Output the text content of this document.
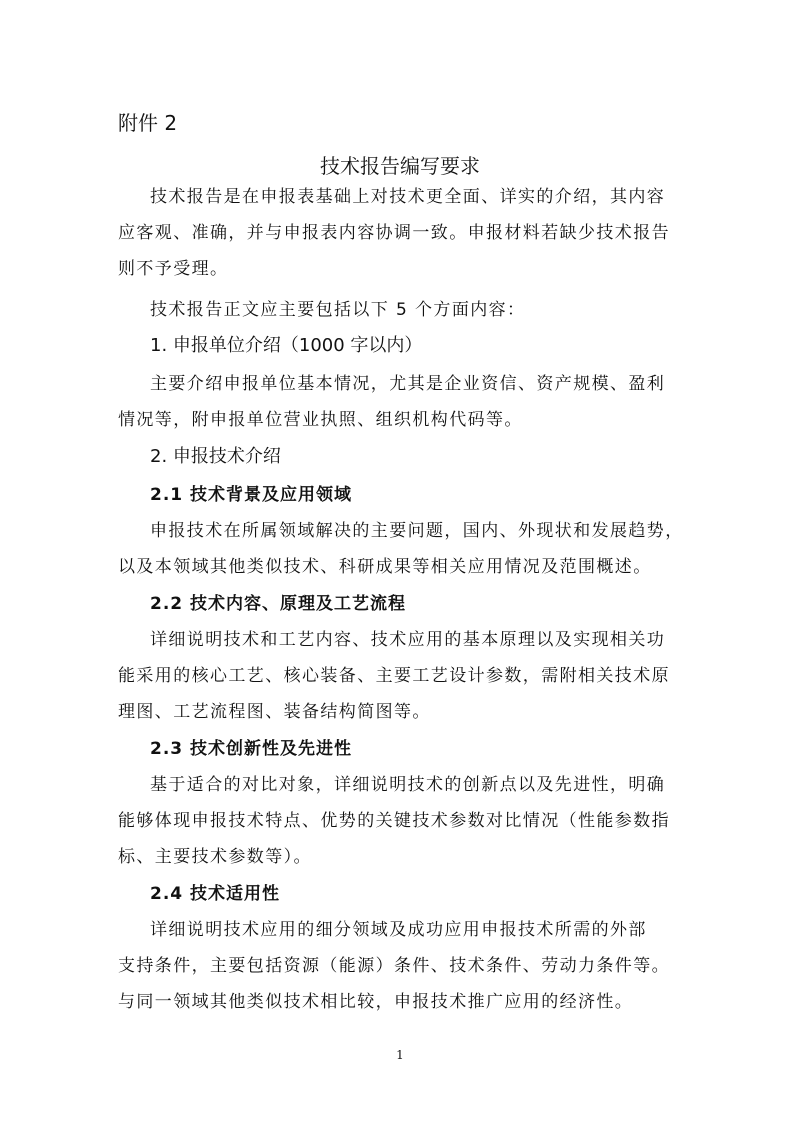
附件 2
技术报告编写要求
技术报告是在申报表基础上对技术更全面、详实的介绍，其内容
应客观、准确，并与申报表内容协调一致。申报材料若缺少技术报告
则不予受理。
技术报告正文应主要包括以下 5 个方面内容：
1. 申报单位介绍（1000 字以内）
主要介绍申报单位基本情况，尤其是企业资信、资产规模、盈利
情况等，附申报单位营业执照、组织机构代码等。
2. 申报技术介绍
2.1 技术背景及应用领域
申报技术在所属领域解决的主要问题，国内、外现状和发展趋势，
以及本领域其他类似技术、科研成果等相关应用情况及范围概述。
2.2 技术内容、原理及工艺流程
详细说明技术和工艺内容、技术应用的基本原理以及实现相关功
能采用的核心工艺、核心装备、主要工艺设计参数，需附相关技术原
理图、工艺流程图、装备结构简图等。
2.3 技术创新性及先进性
基于适合的对比对象，详细说明技术的创新点以及先进性，明确
能够体现申报技术特点、优势的关键技术参数对比情况（性能参数指
标、主要技术参数等）。
2.4 技术适用性
详细说明技术应用的细分领域及成功应用申报技术所需的外部
支持条件，主要包括资源（能源）条件、技术条件、劳动力条件等。
与同一领域其他类似技术相比较，申报技术推广应用的经济性。
1
